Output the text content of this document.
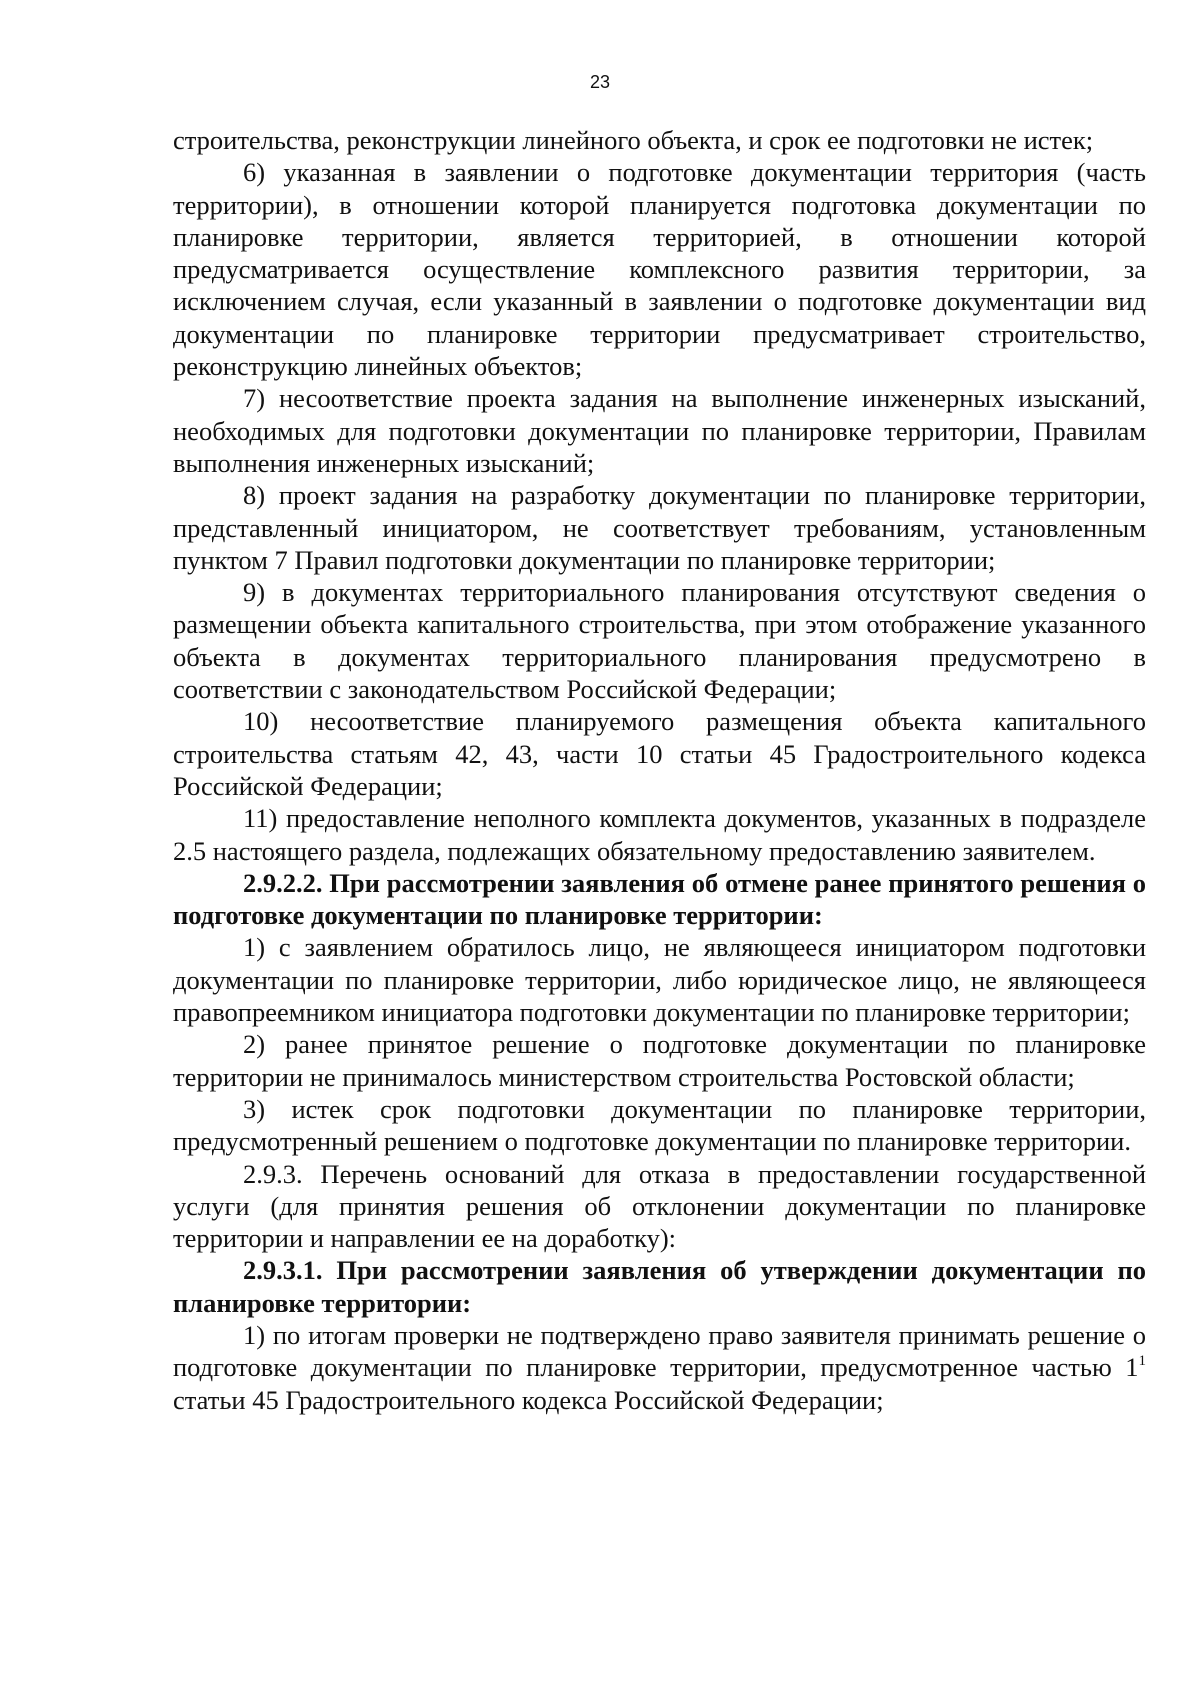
23

строительства, реконструкции линейного объекта, и срок ее подготовки не истек;

6) указанная в заявлении о подготовке документации территория (часть территории), в отношении которой планируется подготовка документации по планировке территории, является территорией, в отношении которой предусматривается осуществление комплексного развития территории, за исключением случая, если указанный в заявлении о подготовке документации вид документации по планировке территории предусматривает строительство, реконструкцию линейных объектов;

7) несоответствие проекта задания на выполнение инженерных изысканий, необходимых для подготовки документации по планировке территории, Правилам выполнения инженерных изысканий;

8) проект задания на разработку документации по планировке территории, представленный инициатором, не соответствует требованиям, установленным пунктом 7 Правил подготовки документации по планировке территории;

9) в документах территориального планирования отсутствуют сведения о размещении объекта капитального строительства, при этом отображение указанного объекта в документах территориального планирования предусмотрено в соответствии с законодательством Российской Федерации;

10) несоответствие планируемого размещения объекта капитального строительства статьям 42, 43, части 10 статьи 45 Градостроительного кодекса Российской Федерации;

11) предоставление неполного комплекта документов, указанных в подразделе 2.5 настоящего раздела, подлежащих обязательному предоставлению заявителем.

2.9.2.2. При рассмотрении заявления об отмене ранее принятого решения о подготовке документации по планировке территории:

1) с заявлением обратилось лицо, не являющееся инициатором подготовки документации по планировке территории, либо юридическое лицо, не являющееся правопреемником инициатора подготовки документации по планировке территории;

2) ранее принятое решение о подготовке документации по планировке территории не принималось министерством строительства Ростовской области;

3) истек срок подготовки документации по планировке территории, предусмотренный решением о подготовке документации по планировке территории.

2.9.3. Перечень оснований для отказа в предоставлении государственной услуги (для принятия решения об отклонении документации по планировке территории и направлении ее на доработку):

2.9.3.1. При рассмотрении заявления об утверждении документации по планировке территории:

1) по итогам проверки не подтверждено право заявителя принимать решение о подготовке документации по планировке территории, предусмотренное частью $1^1$ статьи 45 Градостроительного кодекса Российской Федерации;
